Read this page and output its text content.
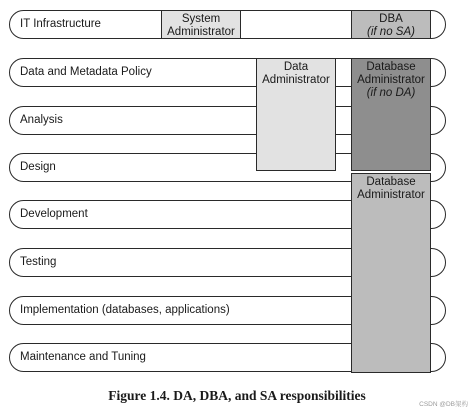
IT Infrastructure
Data and Metadata Policy
Analysis
Design
Development
Testing
Implementation (databases, applications)
Maintenance and Tuning
System
Administrator
DBA

(if no SA)
Data
Administrator
Database
Administrator

(if no DA)
Database
Administrator
Figure 1.4. DA, DBA, and SA responsibilities
CSDN @DB架构
